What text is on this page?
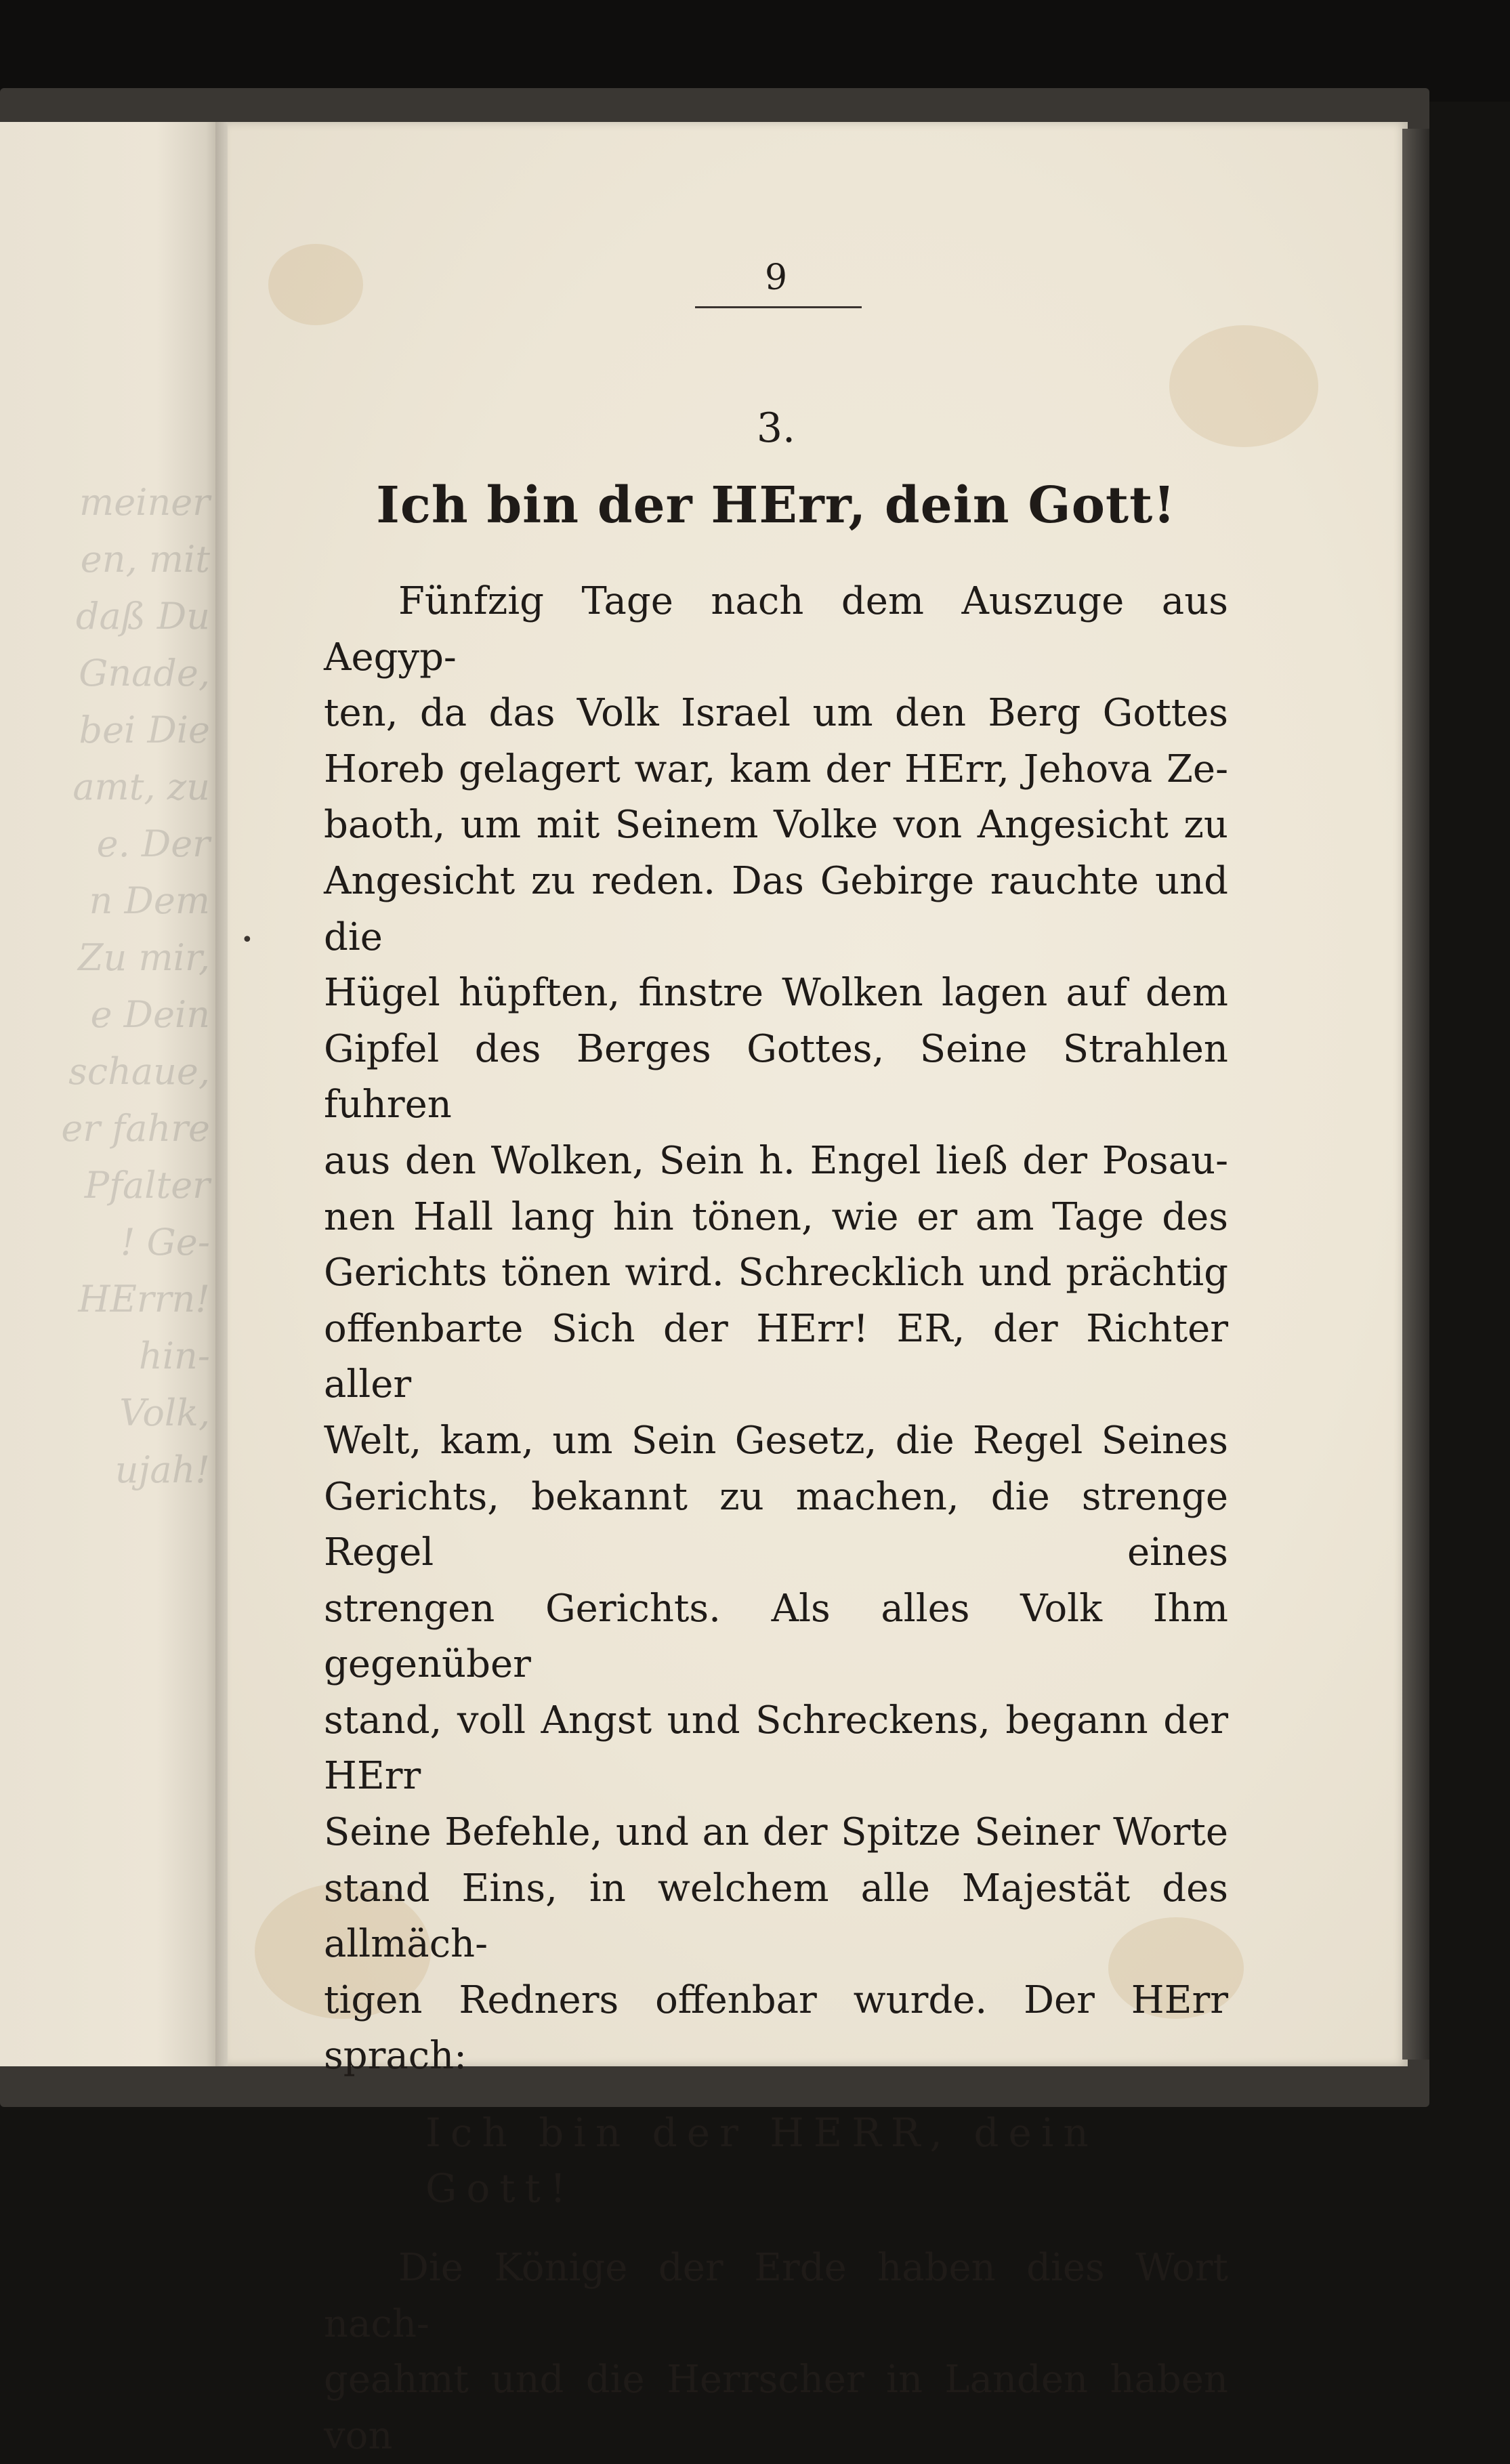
meiner
en, mit
daß Du
Gnade,
bei Die
amt, zu
e. Der
n Dem
Zu mir,
e Dein
schaue,
er fahre
Pfalter
! Ge-
HErrn!
hin-
Volk,
ujah!
•

9

3.

Ich bin der HErr, dein Gott!

Fünfzig Tage nach dem Auszuge aus Aegyp-
ten, da das Volk Israel um den Berg Gottes
Horeb gelagert war, kam der HErr, Jehova Ze-
baoth, um mit Seinem Volke von Angesicht zu
Angesicht zu reden. Das Gebirge rauchte und die
Hügel hüpften, finstre Wolken lagen auf dem
Gipfel des Berges Gottes, Seine Strahlen fuhren
aus den Wolken, Sein h. Engel ließ der Posau-
nen Hall lang hin tönen, wie er am Tage des
Gerichts tönen wird. Schrecklich und prächtig
offenbarte Sich der HErr! ER, der Richter aller
Welt, kam, um Sein Gesetz, die Regel Seines
Gerichts, bekannt zu machen, die strenge Regel eines
strengen Gerichts. Als alles Volk Ihm gegenüber
stand, voll Angst und Schreckens, begann der HErr
Seine Befehle, und an der Spitze Seiner Worte
stand Eins, in welchem alle Majestät des allmäch-
tigen Redners offenbar wurde. Der HErr sprach:

Ich bin der HERR, dein Gott!

Die Könige der Erde haben dies Wort nach-
geahmt und die Herrscher in Landen haben von
